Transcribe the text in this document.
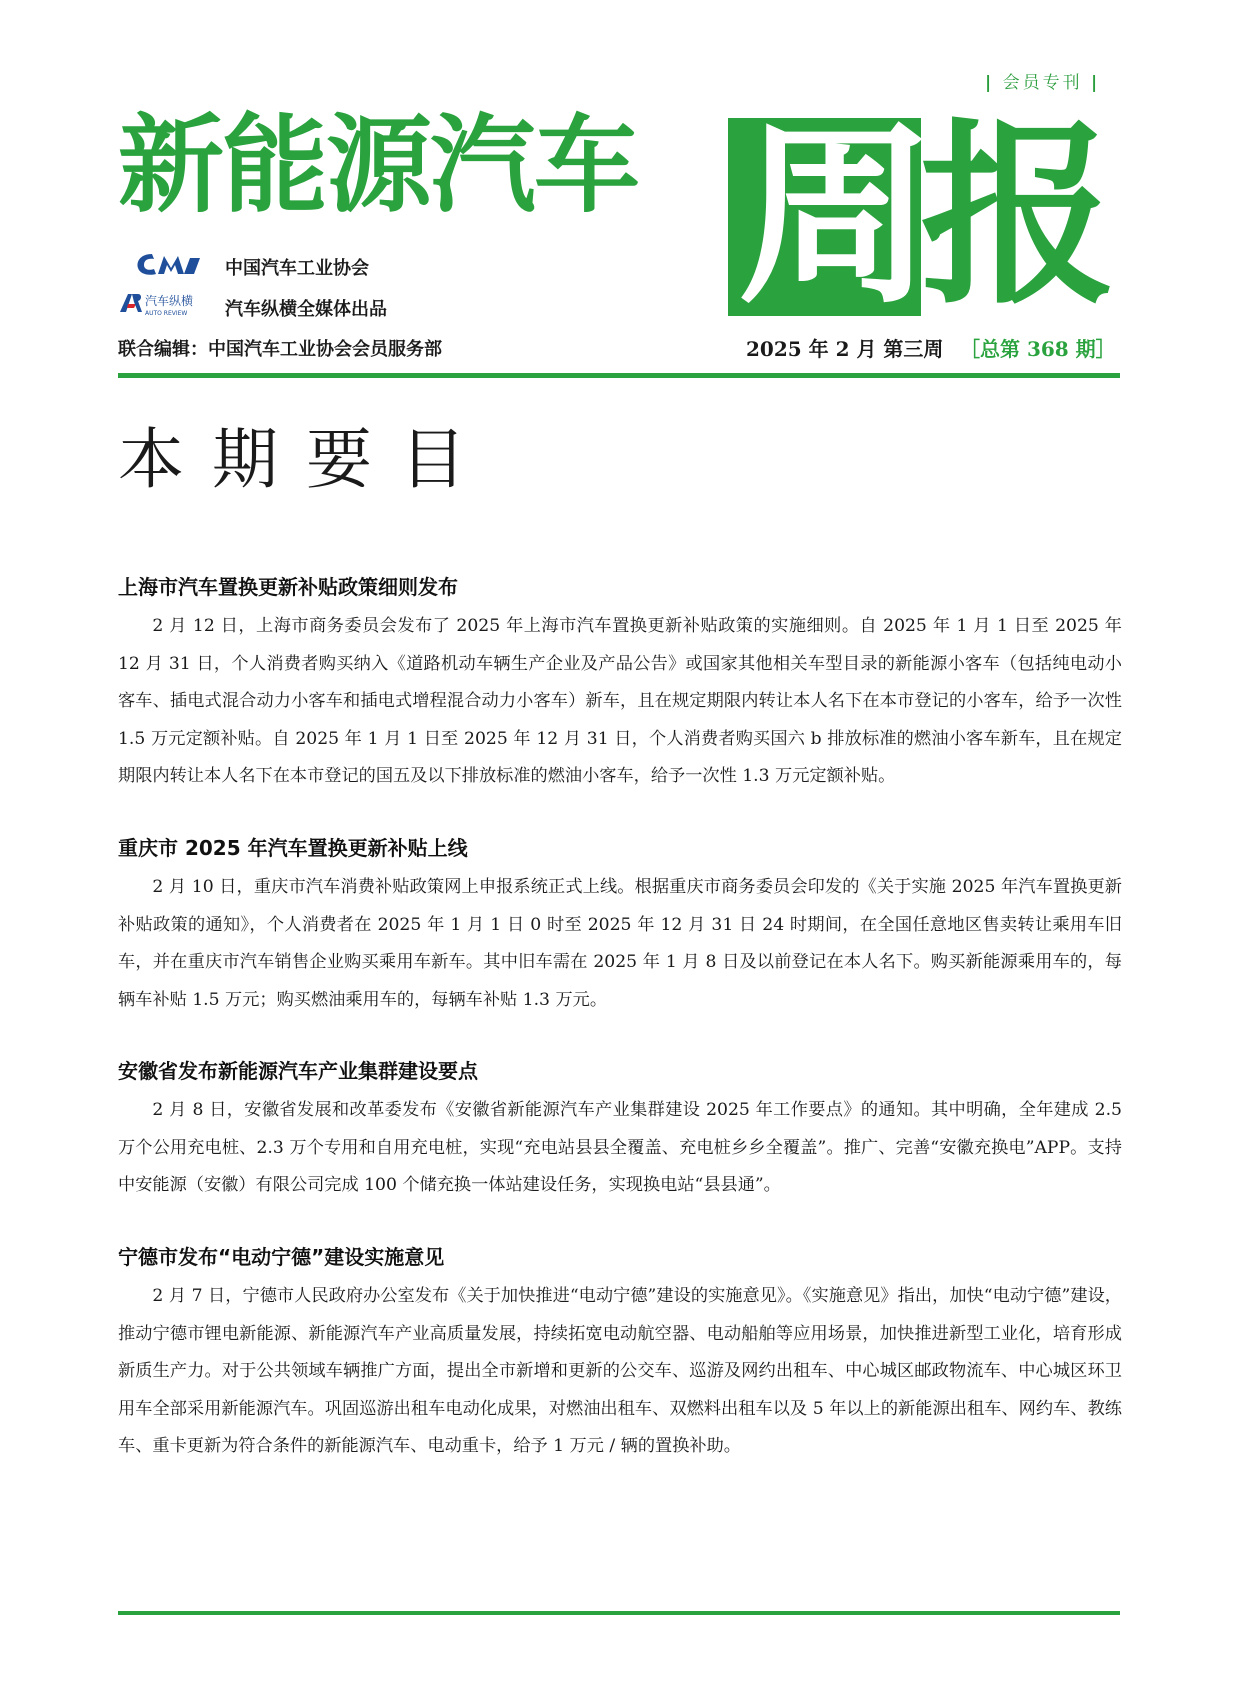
| 会员专刊 |
新能源汽车 周报
中国汽车工业协会
汽车纵横
AUTO REVIEW 汽车纵横全媒体出品
联合编辑：中国汽车工业协会会员服务部	2025 年 2 月 第三周 ［总第 368 期］
本期要目
上海市汽车置换更新补贴政策细则发布

2 月 12 日，上海市商务委员会发布了 2025 年上海市汽车置换更新补贴政策的实施细则。自 2025 年 1 月 1 日至 2025 年 12 月 31 日，个人消费者购买纳入《道路机动车辆生产企业及产品公告》或国家其他相关车型目录的新能源小客车（包括纯电动小客车、插电式混合动力小客车和插电式增程混合动力小客车）新车，且在规定期限内转让本人名下在本市登记的小客车，给予一次性 1.5 万元定额补贴。自 2025 年 1 月 1 日至 2025 年 12 月 31 日，个人消费者购买国六 b 排放标准的燃油小客车新车，且在规定期限内转让本人名下在本市登记的国五及以下排放标准的燃油小客车，给予一次性 1.3 万元定额补贴。

重庆市 2025 年汽车置换更新补贴上线

2 月 10 日，重庆市汽车消费补贴政策网上申报系统正式上线。根据重庆市商务委员会印发的《关于实施 2025 年汽车置换更新补贴政策的通知》，个人消费者在 2025 年 1 月 1 日 0 时至 2025 年 12 月 31 日 24 时期间，在全国任意地区售卖转让乘用车旧车，并在重庆市汽车销售企业购买乘用车新车。其中旧车需在 2025 年 1 月 8 日及以前登记在本人名下。购买新能源乘用车的，每辆车补贴 1.5 万元；购买燃油乘用车的，每辆车补贴 1.3 万元。

安徽省发布新能源汽车产业集群建设要点

2 月 8 日，安徽省发展和改革委发布《安徽省新能源汽车产业集群建设 2025 年工作要点》的通知。其中明确，全年建成 2.5 万个公用充电桩、2.3 万个专用和自用充电桩，实现“充电站县县全覆盖、充电桩乡乡全覆盖”。推广、完善“安徽充换电”APP。支持中安能源（安徽）有限公司完成 100 个储充换一体站建设任务，实现换电站“县县通”。

宁德市发布“电动宁德”建设实施意见

2 月 7 日，宁德市人民政府办公室发布《关于加快推进“电动宁德”建设的实施意见》。《实施意见》指出，加快“电动宁德”建设，推动宁德市锂电新能源、新能源汽车产业高质量发展，持续拓宽电动航空器、电动船舶等应用场景，加快推进新型工业化，培育形成新质生产力。对于公共领域车辆推广方面，提出全市新增和更新的公交车、巡游及网约出租车、中心城区邮政物流车、中心城区环卫用车全部采用新能源汽车。巩固巡游出租车电动化成果，对燃油出租车、双燃料出租车以及 5 年以上的新能源出租车、网约车、教练车、重卡更新为符合条件的新能源汽车、电动重卡，给予 1 万元 / 辆的置换补助。
